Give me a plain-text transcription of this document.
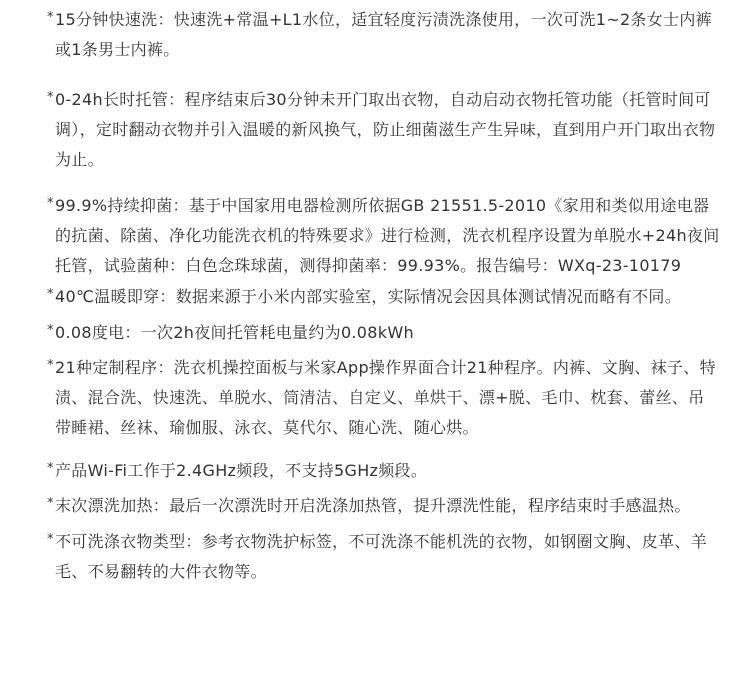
* 15分钟快速洗：快速洗+常温+L1水位，适宜轻度污渍洗涤使用，一次可洗1~2条女士内裤或1条男士内裤。
* 0-24h长时托管：程序结束后30分钟未开门取出衣物，自动启动衣物托管功能（托管时间可调），定时翻动衣物并引入温暖的新风换气，防止细菌滋生产生异味，直到用户开门取出衣物为止。
* 99.9%持续抑菌：基于中国家用电器检测所依据GB 21551.5-2010《家用和类似用途电器的抗菌、除菌、净化功能洗衣机的特殊要求》进行检测，洗衣机程序设置为单脱水+24h夜间托管，试验菌种：白色念珠球菌，测得抑菌率：99.93%。报告编号：WXq-23-10179
* 40℃温暖即穿：数据来源于小米内部实验室，实际情况会因具体测试情况而略有不同。
* 0.08度电：一次2h夜间托管耗电量约为0.08kWh
* 21种定制程序：洗衣机操控面板与米家App操作界面合计21种程序。内裤、文胸、袜子、特渍、混合洗、快速洗、单脱水、筒清洁、自定义、单烘干、漂+脱、毛巾、枕套、蕾丝、吊带睡裙、丝袜、瑜伽服、泳衣、莫代尔、随心洗、随心烘。
* 产品Wi-Fi工作于2.4GHz频段，不支持5GHz频段。
* 末次漂洗加热：最后一次漂洗时开启洗涤加热管，提升漂洗性能，程序结束时手感温热。
* 不可洗涤衣物类型：参考衣物洗护标签，不可洗涤不能机洗的衣物，如钢圈文胸、皮革、羊毛、不易翻转的大件衣物等。
